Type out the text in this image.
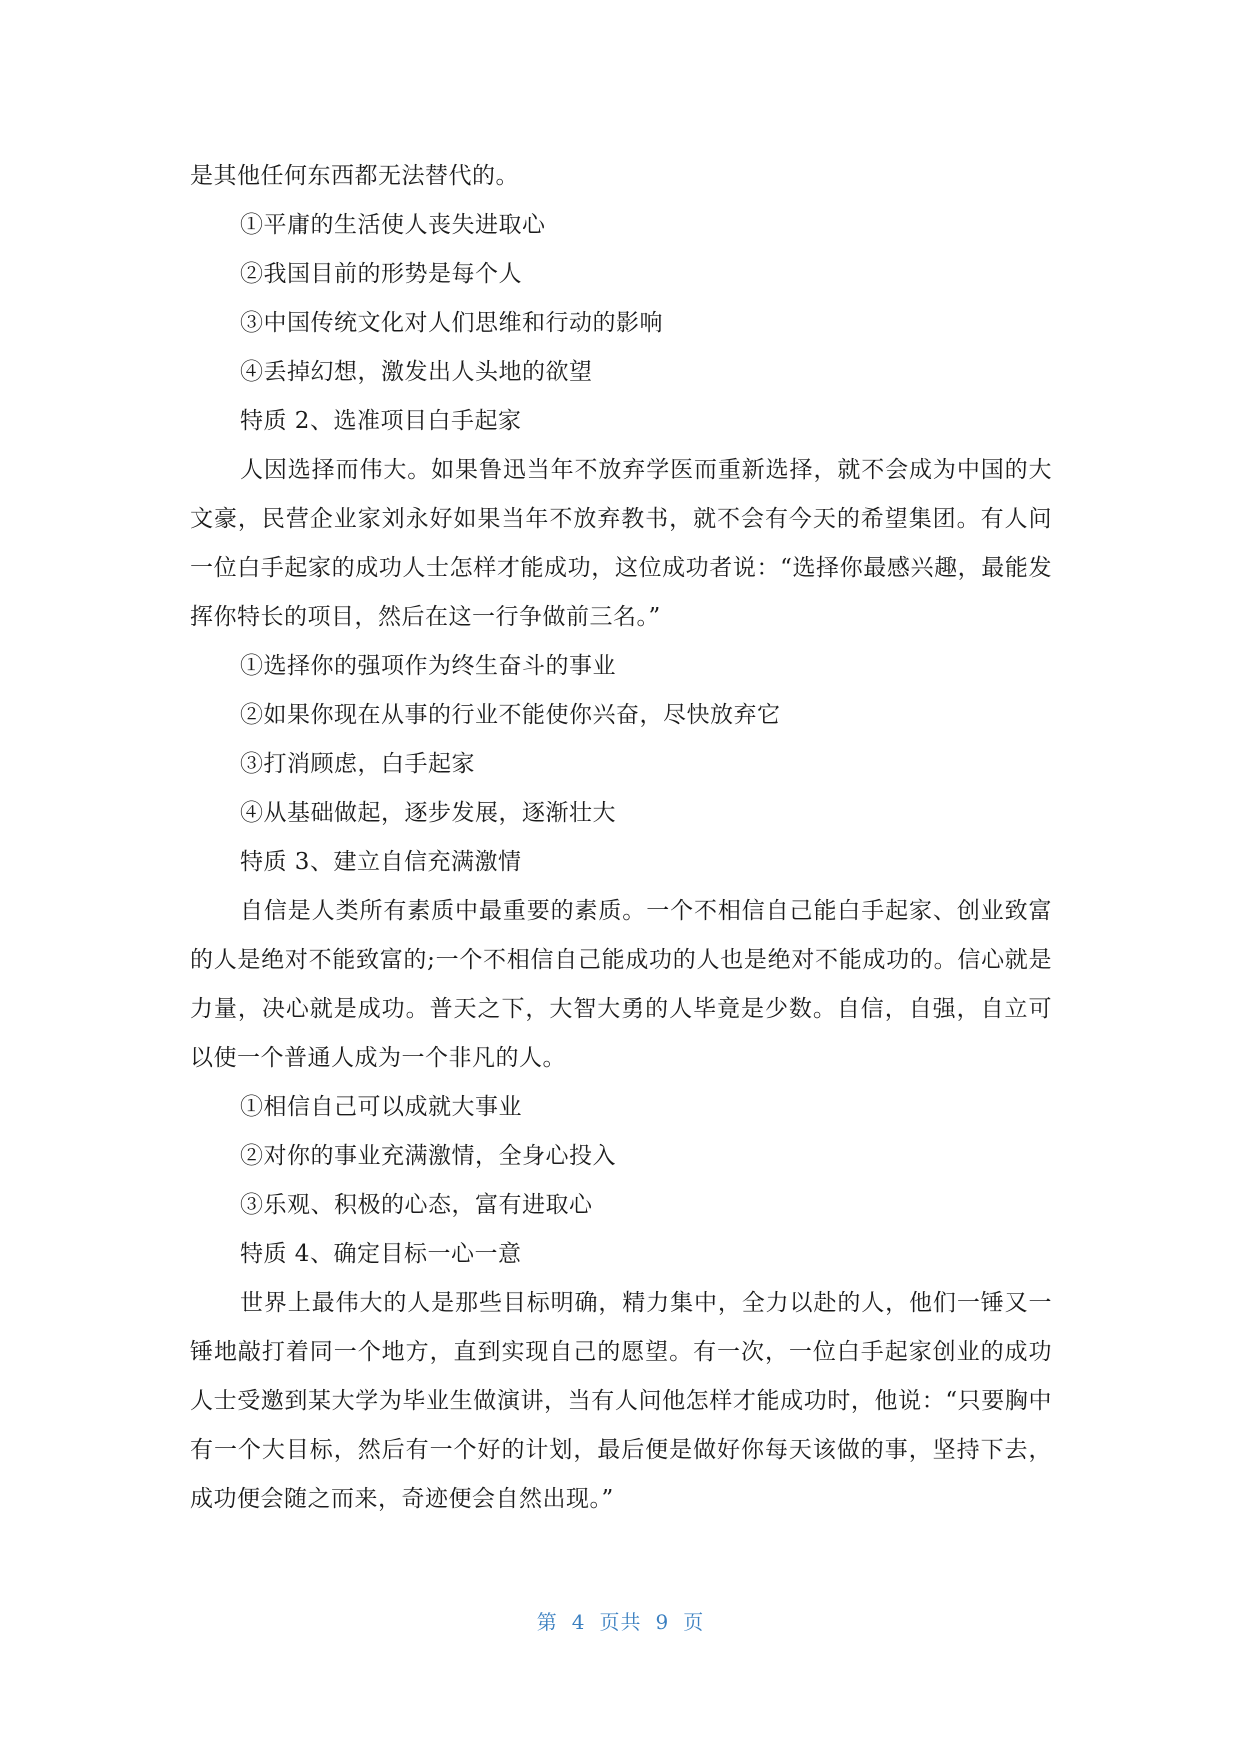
是其他任何东西都无法替代的。

①平庸的生活使人丧失进取心

②我国目前的形势是每个人

③中国传统文化对人们思维和行动的影响

④丢掉幻想，激发出人头地的欲望

特质 2、选准项目白手起家

人因选择而伟大。如果鲁迅当年不放弃学医而重新选择，就不会成为中国的大文豪，民营企业家刘永好如果当年不放弃教书，就不会有今天的希望集团。有人问一位白手起家的成功人士怎样才能成功，这位成功者说：“选择你最感兴趣，最能发挥你特长的项目，然后在这一行争做前三名。”

①选择你的强项作为终生奋斗的事业

②如果你现在从事的行业不能使你兴奋，尽快放弃它

③打消顾虑，白手起家

④从基础做起，逐步发展，逐渐壮大

特质 3、建立自信充满激情

自信是人类所有素质中最重要的素质。一个不相信自己能白手起家、创业致富的人是绝对不能致富的;一个不相信自己能成功的人也是绝对不能成功的。信心就是力量，决心就是成功。普天之下，大智大勇的人毕竟是少数。自信，自强，自立可以使一个普通人成为一个非凡的人。

①相信自己可以成就大事业

②对你的事业充满激情，全身心投入

③乐观、积极的心态，富有进取心

特质 4、确定目标一心一意

世界上最伟大的人是那些目标明确，精力集中，全力以赴的人，他们一锤又一锤地敲打着同一个地方，直到实现自己的愿望。有一次，一位白手起家创业的成功人士受邀到某大学为毕业生做演讲，当有人问他怎样才能成功时，他说：“只要胸中有一个大目标，然后有一个好的计划，最后便是做好你每天该做的事，坚持下去，成功便会随之而来，奇迹便会自然出现。”

第 4 页共 9 页
